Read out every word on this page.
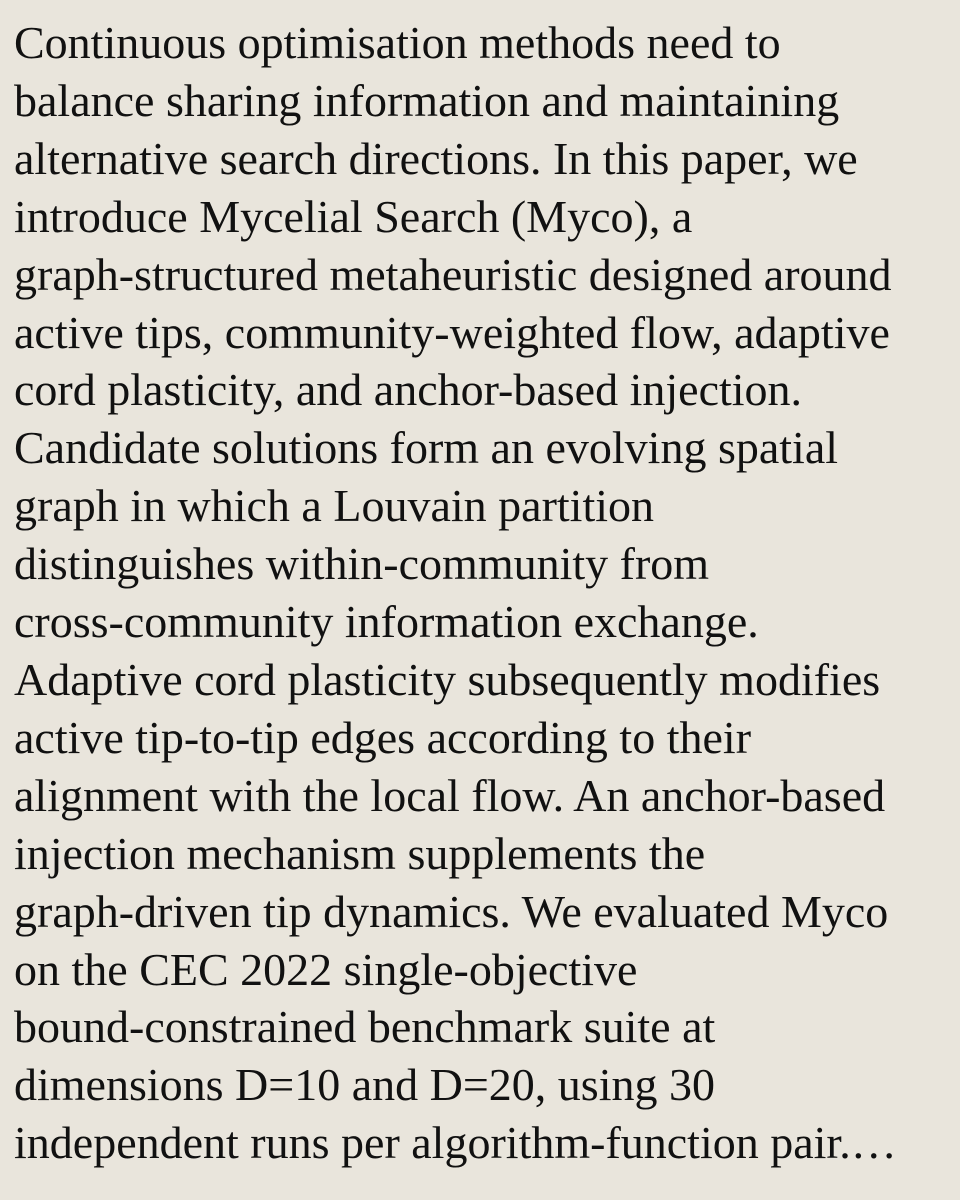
Continuous optimisation methods need to
balance sharing information and maintaining
alternative search directions. In this paper, we
introduce Mycelial Search (Myco), a
graph-structured metaheuristic designed around
active tips, community-weighted flow, adaptive
cord plasticity, and anchor-based injection.
Candidate solutions form an evolving spatial
graph in which a Louvain partition
distinguishes within-community from
cross-community information exchange.
Adaptive cord plasticity subsequently modifies
active tip-to-tip edges according to their
alignment with the local flow. An anchor-based
injection mechanism supplements the
graph-driven tip dynamics. We evaluated Myco
on the CEC 2022 single-objective
bound-constrained benchmark suite at
dimensions D=10 and D=20, using 30
independent runs per algorithm-function pair.…
